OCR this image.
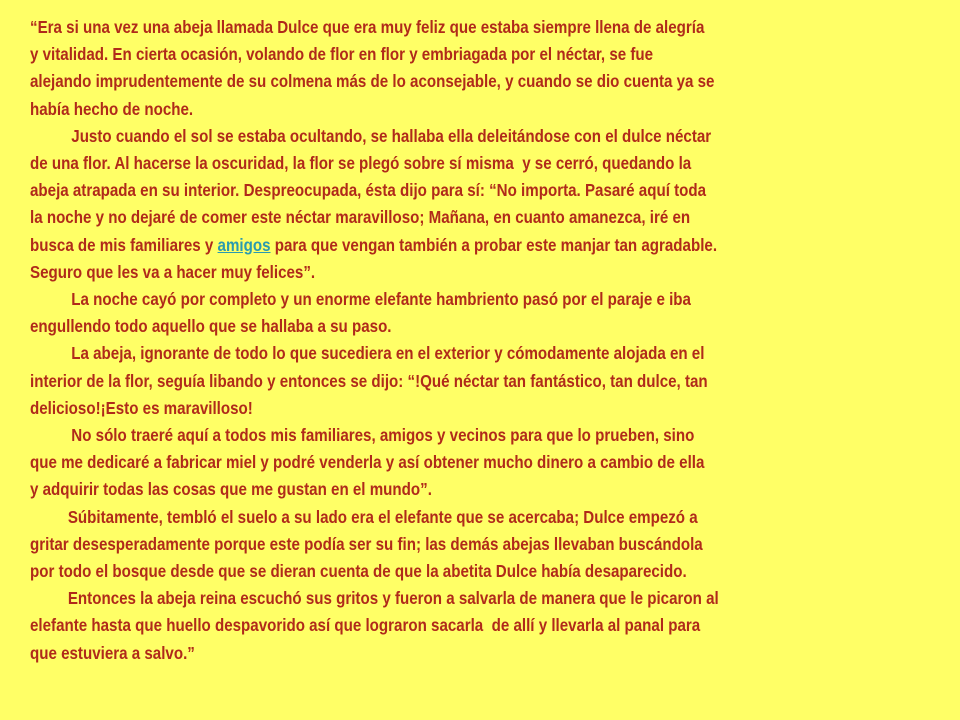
“Era si una vez una abeja llamada Dulce que era muy feliz que estaba siempre llena de alegría
y vitalidad. En cierta ocasión, volando de flor en flor y embriagada por el néctar, se fue
alejando imprudentemente de su colmena más de lo aconsejable, y cuando se dio cuenta ya se
había hecho de noche.
Justo cuando el sol se estaba ocultando, se hallaba ella deleitándose con el dulce néctar
de una flor. Al hacerse la oscuridad, la flor se plegó sobre sí misma  y se cerró, quedando la
abeja atrapada en su interior. Despreocupada, ésta dijo para sí: “No importa. Pasaré aquí toda
la noche y no dejaré de comer este néctar maravilloso; Mañana, en cuanto amanezca, iré en
busca de mis familiares y amigos para que vengan también a probar este manjar tan agradable.
Seguro que les va a hacer muy felices”.
La noche cayó por completo y un enorme elefante hambriento pasó por el paraje e iba
engullendo todo aquello que se hallaba a su paso.
La abeja, ignorante de todo lo que sucediera en el exterior y cómodamente alojada en el
interior de la flor, seguía libando y entonces se dijo: “!Qué néctar tan fantástico, tan dulce, tan
delicioso!¡Esto es maravilloso!
No sólo traeré aquí a todos mis familiares, amigos y vecinos para que lo prueben, sino
que me dedicaré a fabricar miel y podré venderla y así obtener mucho dinero a cambio de ella
y adquirir todas las cosas que me gustan en el mundo”.
Súbitamente, tembló el suelo a su lado era el elefante que se acercaba; Dulce empezó a
gritar desesperadamente porque este podía ser su fin; las demás abejas llevaban buscándola
por todo el bosque desde que se dieran cuenta de que la abetita Dulce había desaparecido.
Entonces la abeja reina escuchó sus gritos y fueron a salvarla de manera que le picaron al
elefante hasta que huello despavorido así que lograron sacarla  de allí y llevarla al panal para
que estuviera a salvo.”
